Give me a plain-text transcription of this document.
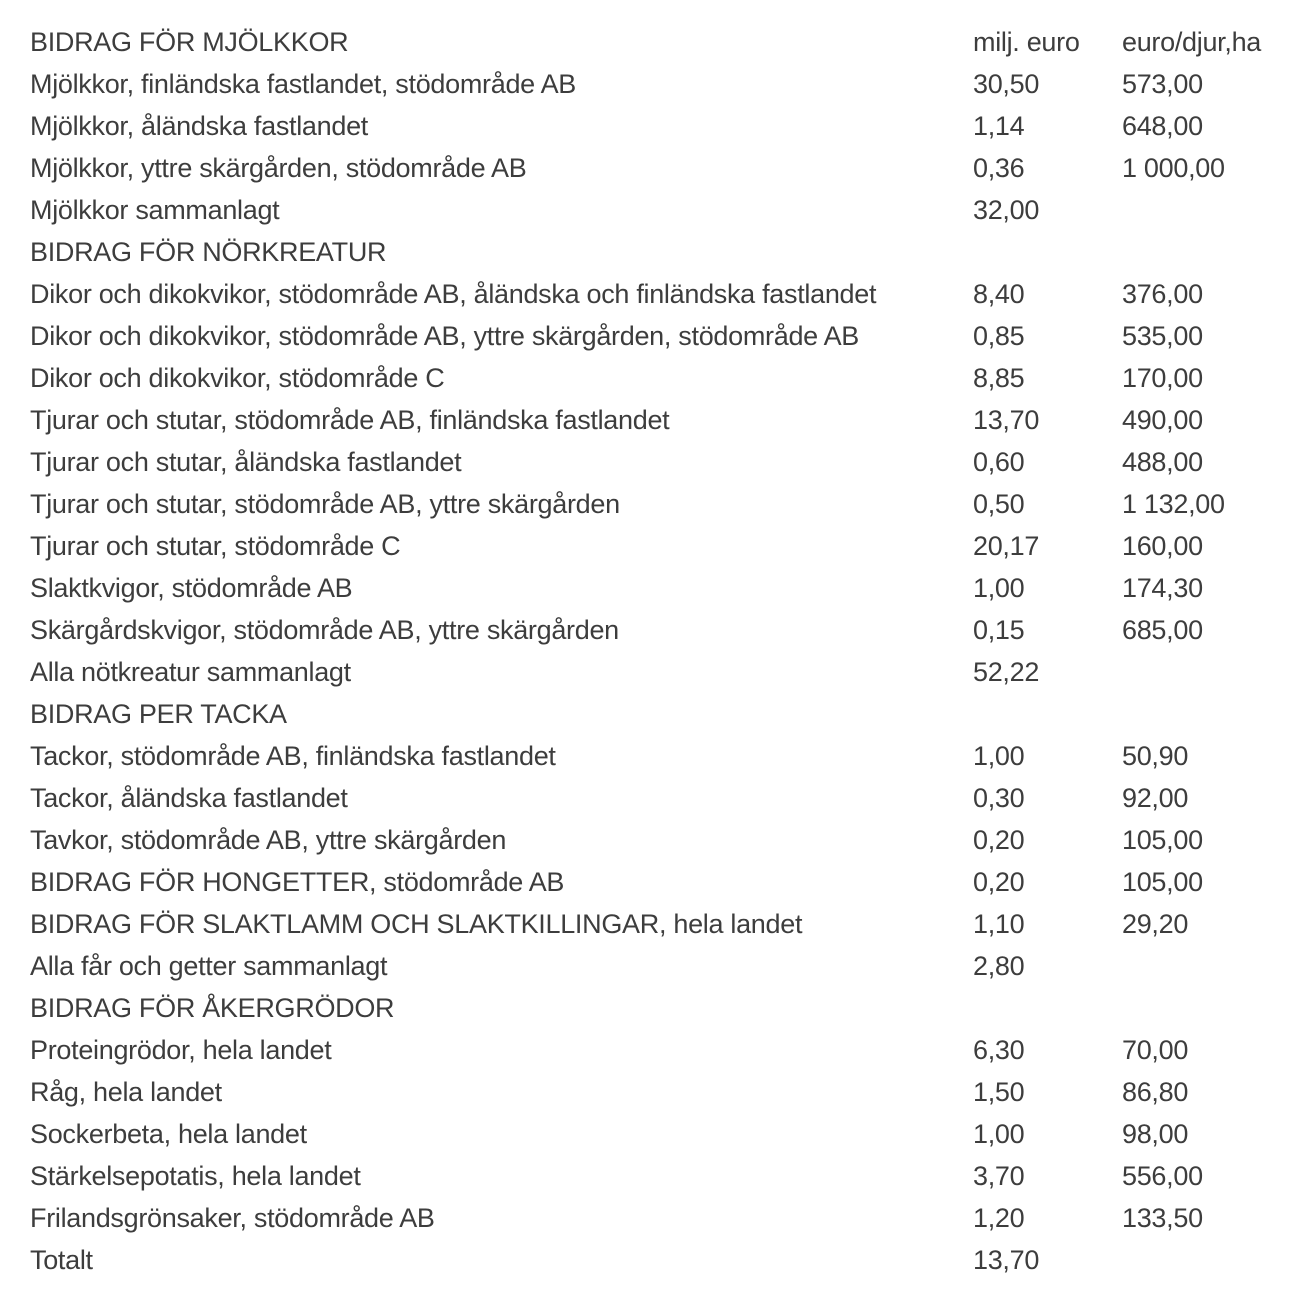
BIDRAG FÖR MJÖLKKOR	milj. euro	euro/djur,ha
Mjölkkor, finländska fastlandet, stödområde AB	30,50	573,00
Mjölkkor, åländska fastlandet	1,14	648,00
Mjölkkor, yttre skärgården, stödområde AB	0,36	1 000,00
Mjölkkor sammanlagt	32,00
BIDRAG FÖR NÖRKREATUR
Dikor och dikokvikor, stödområde AB, åländska och finländska fastlandet	8,40	376,00
Dikor och dikokvikor, stödområde AB, yttre skärgården, stödområde AB	0,85	535,00
Dikor och dikokvikor, stödområde C	8,85	170,00
Tjurar och stutar, stödområde AB, finländska fastlandet	13,70	490,00
Tjurar och stutar, åländska fastlandet	0,60	488,00
Tjurar och stutar, stödområde AB, yttre skärgården	0,50	1 132,00
Tjurar och stutar, stödområde C	20,17	160,00
Slaktkvigor, stödområde AB	1,00	174,30
Skärgårdskvigor, stödområde AB, yttre skärgården	0,15	685,00
Alla nötkreatur sammanlagt	52,22
BIDRAG PER TACKA
Tackor, stödområde AB, finländska fastlandet	1,00	50,90
Tackor, åländska fastlandet	0,30	92,00
Tavkor, stödområde AB, yttre skärgården	0,20	105,00
BIDRAG FÖR HONGETTER, stödområde AB	0,20	105,00
BIDRAG FÖR SLAKTLAMM OCH SLAKTKILLINGAR, hela landet	1,10	29,20
Alla får och getter sammanlagt	2,80
BIDRAG FÖR ÅKERGRÖDOR
Proteingrödor, hela landet	6,30	70,00
Råg, hela landet	1,50	86,80
Sockerbeta, hela landet	1,00	98,00
Stärkelsepotatis, hela landet	3,70	556,00
Frilandsgrönsaker, stödområde AB	1,20	133,50
Totalt	13,70
